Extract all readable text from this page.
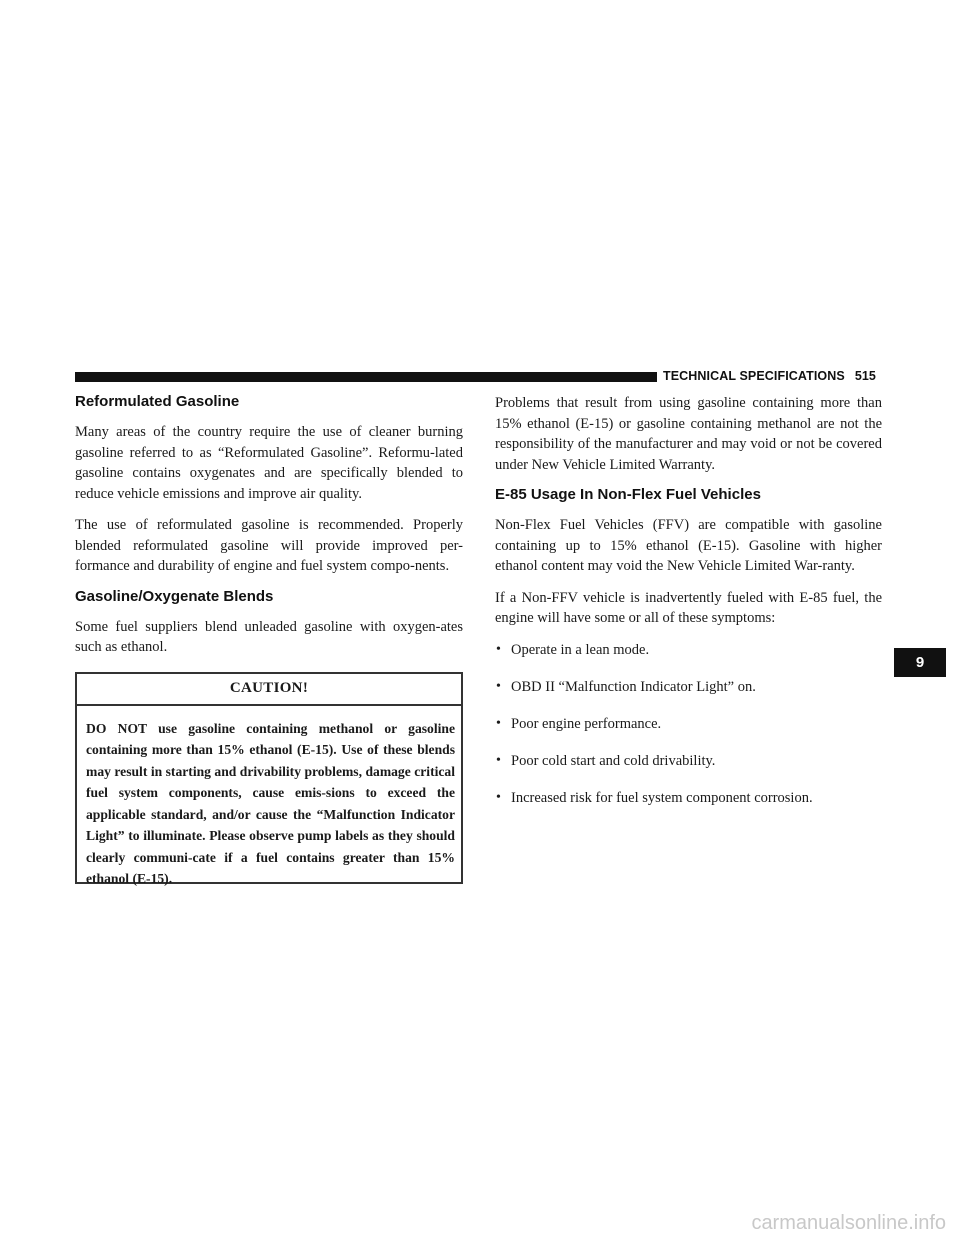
TECHNICAL SPECIFICATIONS 515
Reformulated Gasoline

Many areas of the country require the use of cleaner burning gasoline referred to as “Reformulated Gasoline”. Reformu-lated gasoline contains oxygenates and are specifically blended to reduce vehicle emissions and improve air quality.

The use of reformulated gasoline is recommended. Properly blended reformulated gasoline will provide improved per-formance and durability of engine and fuel system compo-nents.

Gasoline/Oxygenate Blends

Some fuel suppliers blend unleaded gasoline with oxygen-ates such as ethanol.

CAUTION!

DO NOT use gasoline containing methanol or gasoline containing more than 15% ethanol (E-15). Use of these blends may result in starting and drivability problems, damage critical fuel system components, cause emis-sions to exceed the applicable standard, and/or cause the “Malfunction Indicator Light” to illuminate. Please observe pump labels as they should clearly communi-cate if a fuel contains greater than 15% ethanol (E-15).

Problems that result from using gasoline containing more than 15% ethanol (E-15) or gasoline containing methanol are not the responsibility of the manufacturer and may void or not be covered under New Vehicle Limited Warranty.

E-85 Usage In Non-Flex Fuel Vehicles

Non-Flex Fuel Vehicles (FFV) are compatible with gasoline containing up to 15% ethanol (E-15). Gasoline with higher ethanol content may void the New Vehicle Limited War-ranty.

If a Non-FFV vehicle is inadvertently fueled with E-85 fuel, the engine will have some or all of these symptoms:

• Operate in a lean mode.
• OBD II “Malfunction Indicator Light” on.
• Poor engine performance.
• Poor cold start and cold drivability.
• Increased risk for fuel system component corrosion.
9
carmanualsonline.info
